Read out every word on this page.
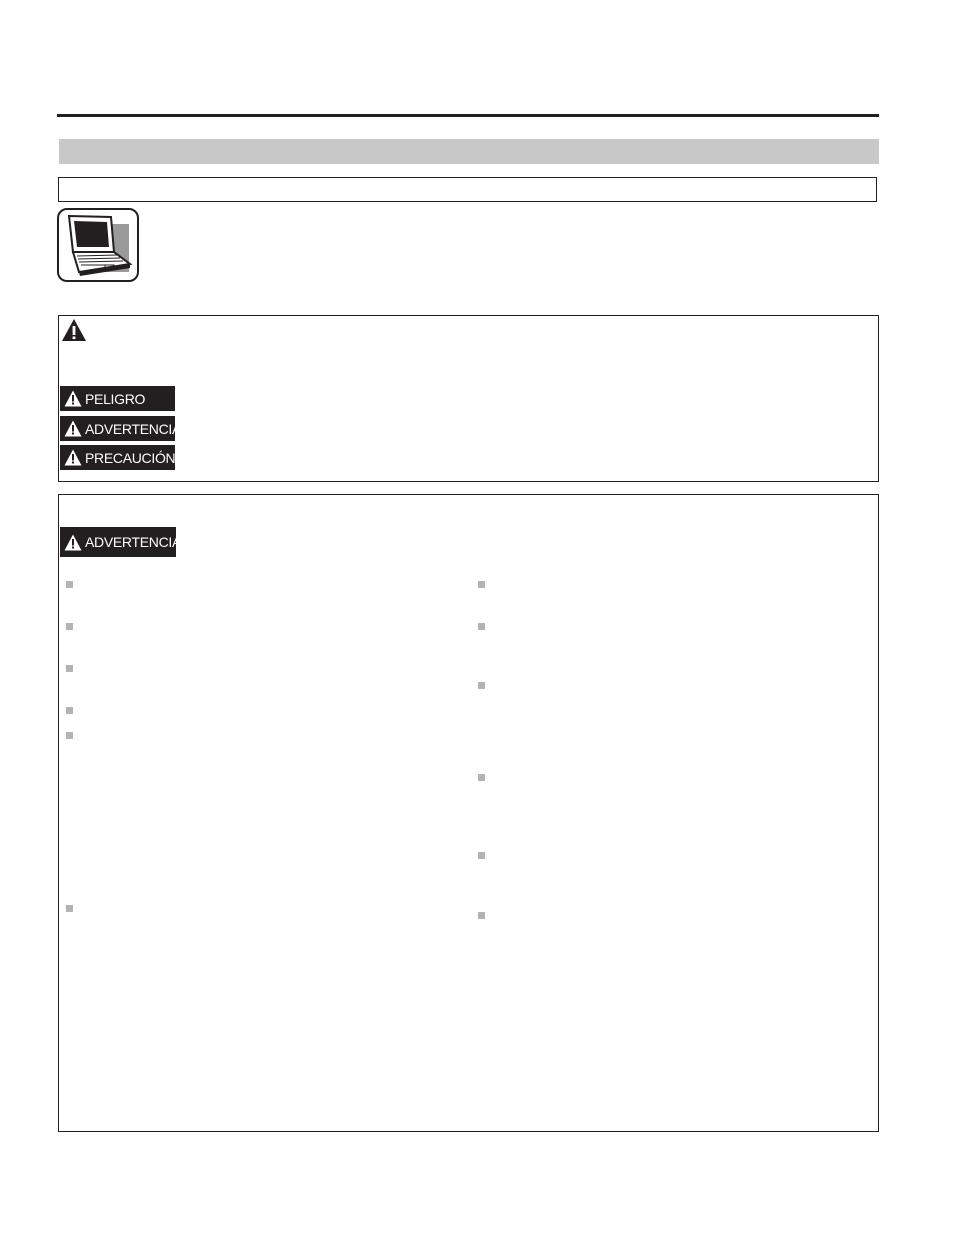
PELIGRO
ADVERTENCIA
PRECAUCIÓN
ADVERTENCIA
